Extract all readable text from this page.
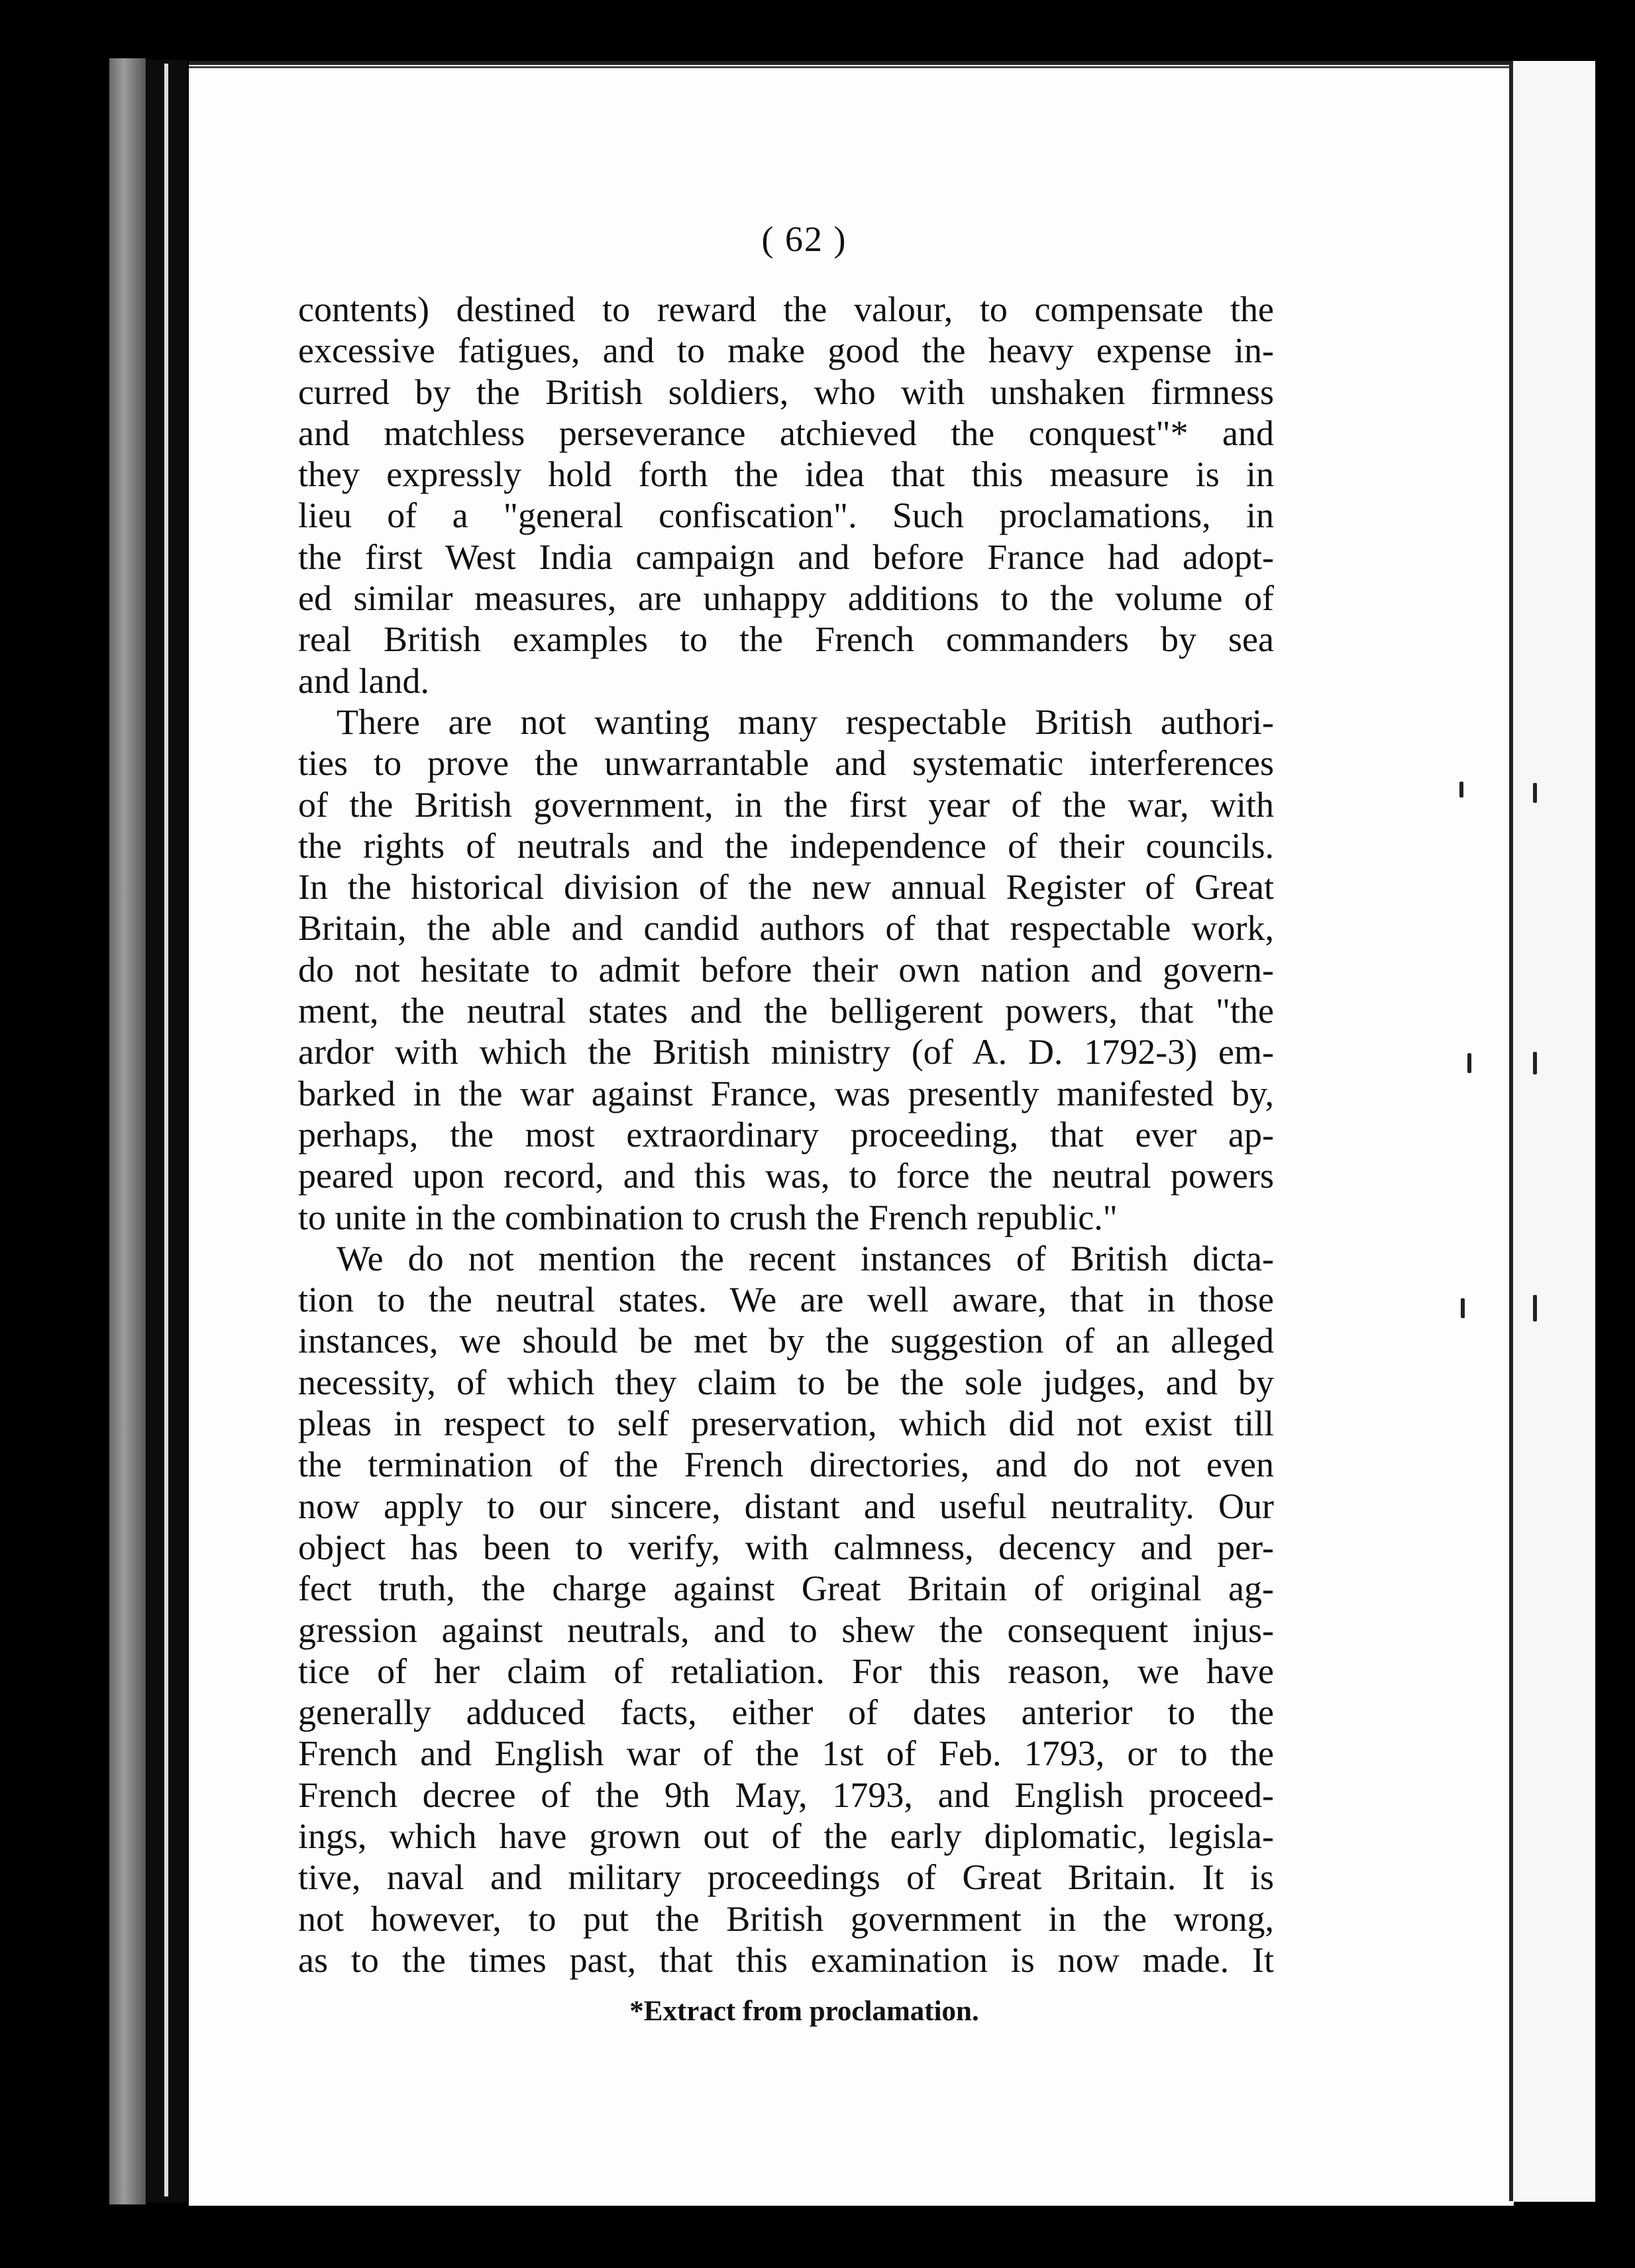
( 62 )
contents) destined to reward the valour, to compensate the
excessive fatigues, and to make good the heavy expense in-
curred by the British soldiers, who with unshaken firmness
and matchless perseverance atchieved the conquest"* and
they expressly hold forth the idea that this measure is in
lieu of a "general confiscation". Such proclamations, in
the first West India campaign and before France had adopt-
ed similar measures, are unhappy additions to the volume of
real British examples to the French commanders by sea
and land.
There are not wanting many respectable British authori-
ties to prove the unwarrantable and systematic interferences
of the British government, in the first year of the war, with
the rights of neutrals and the independence of their councils.
In the historical division of the new annual Register of Great
Britain, the able and candid authors of that respectable work,
do not hesitate to admit before their own nation and govern-
ment, the neutral states and the belligerent powers, that "the
ardor with which the British ministry (of A. D. 1792-3) em-
barked in the war against France, was presently manifested by,
perhaps, the most extraordinary proceeding, that ever ap-
peared upon record, and this was, to force the neutral powers
to unite in the combination to crush the French republic."
We do not mention the recent instances of British dicta-
tion to the neutral states. We are well aware, that in those
instances, we should be met by the suggestion of an alleged
necessity, of which they claim to be the sole judges, and by
pleas in respect to self preservation, which did not exist till
the termination of the French directories, and do not even
now apply to our sincere, distant and useful neutrality. Our
object has been to verify, with calmness, decency and per-
fect truth, the charge against Great Britain of original ag-
gression against neutrals, and to shew the consequent injus-
tice of her claim of retaliation. For this reason, we have
generally adduced facts, either of dates anterior to the
French and English war of the 1st of Feb. 1793, or to the
French decree of the 9th May, 1793, and English proceed-
ings, which have grown out of the early diplomatic, legisla-
tive, naval and military proceedings of Great Britain. It is
not however, to put the British government in the wrong,
as to the times past, that this examination is now made. It
*Extract from proclamation.
